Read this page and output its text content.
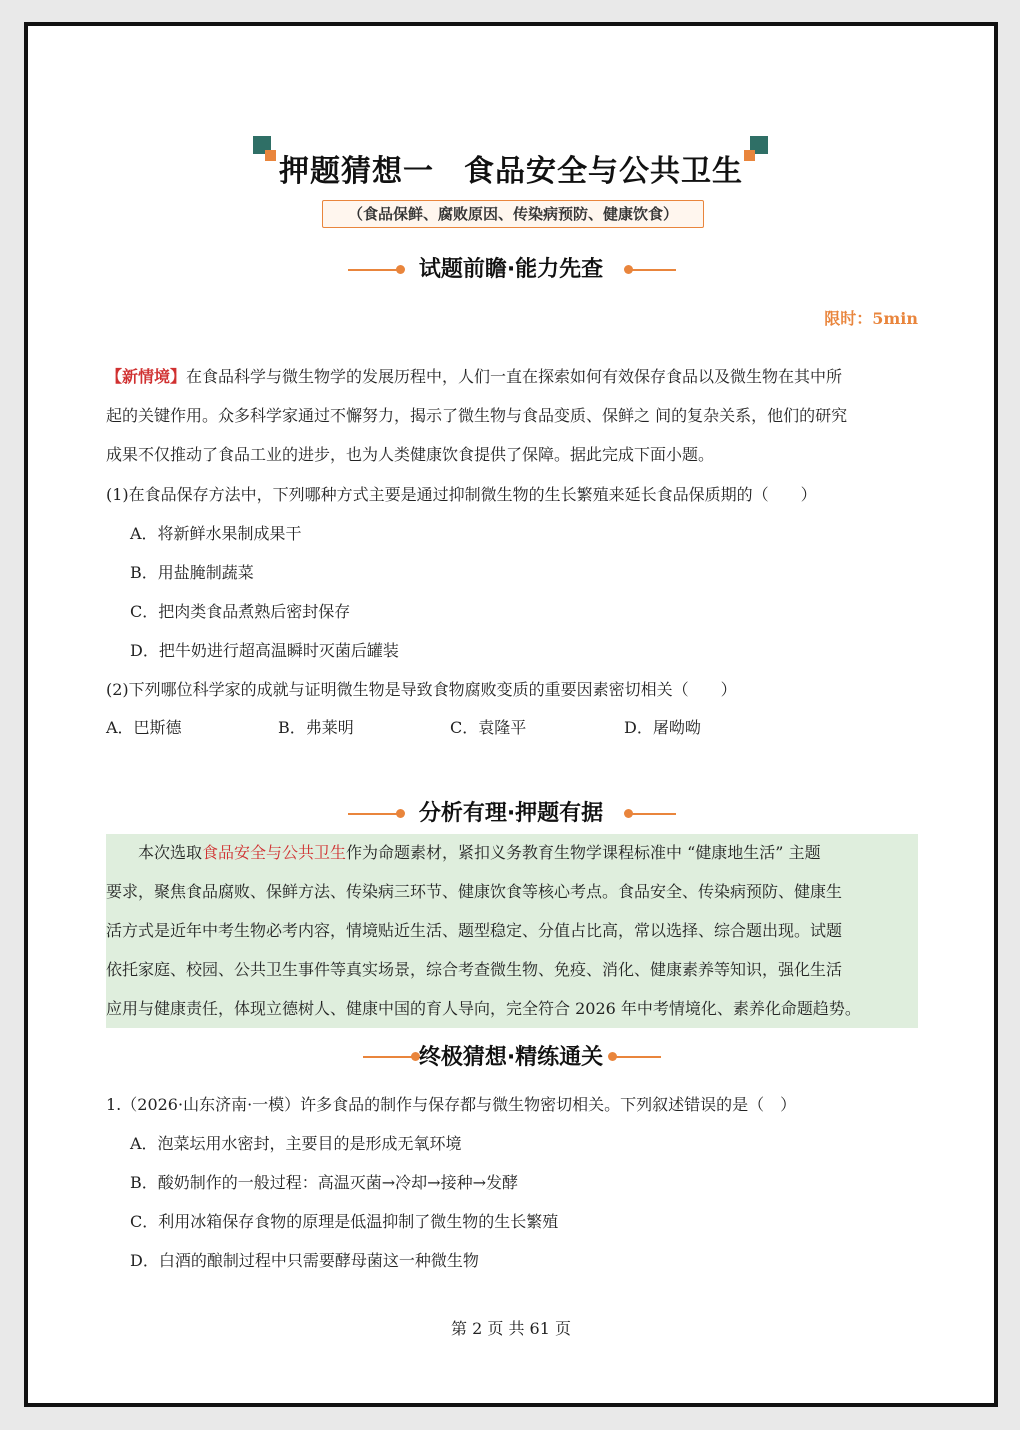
押题猜想一 食品安全与公共卫生
（食品保鲜、腐败原因、传染病预防、健康饮食）
试题前瞻·能力先查
限时：5min
【新情境】在食品科学与微生物学的发展历程中，人们一直在探索如何有效保存食品以及微生物在其中所
起的关键作用。众多科学家通过不懈努力，揭示了微生物与食品变质、保鲜之 间的复杂关系，他们的研究
成果不仅推动了食品工业的进步，也为人类健康饮食提供了保障。据此完成下面小题。
(1)在食品保存方法中，下列哪种方式主要是通过抑制微生物的生长繁殖来延长食品保质期的（　　）
A．将新鲜水果制成果干
B．用盐腌制蔬菜
C．把肉类食品煮熟后密封保存
D．把牛奶进行超高温瞬时灭菌后罐装
(2)下列哪位科学家的成就与证明微生物是导致食物腐败变质的重要因素密切相关（　　）
A．巴斯德	B．弗莱明	C．袁隆平	D．屠呦呦
分析有理·押题有据
本次选取食品安全与公共卫生作为命题素材，紧扣义务教育生物学课程标准中 “健康地生活” 主题
要求，聚焦食品腐败、保鲜方法、传染病三环节、健康饮食等核心考点。食品安全、传染病预防、健康生
活方式是近年中考生物必考内容，情境贴近生活、题型稳定、分值占比高，常以选择、综合题出现。试题
依托家庭、校园、公共卫生事件等真实场景，综合考查微生物、免疫、消化、健康素养等知识，强化生活
应用与健康责任，体现立德树人、健康中国的育人导向，完全符合 2026 年中考情境化、素养化命题趋势。
终极猜想·精练通关
1.（2026·山东济南·一模）许多食品的制作与保存都与微生物密切相关。下列叙述错误的是（　）
A．泡菜坛用水密封，主要目的是形成无氧环境
B．酸奶制作的一般过程：高温灭菌→冷却→接种→发酵
C．利用冰箱保存食物的原理是低温抑制了微生物的生长繁殖
D．白酒的酿制过程中只需要酵母菌这一种微生物
第 2 页 共 61 页
